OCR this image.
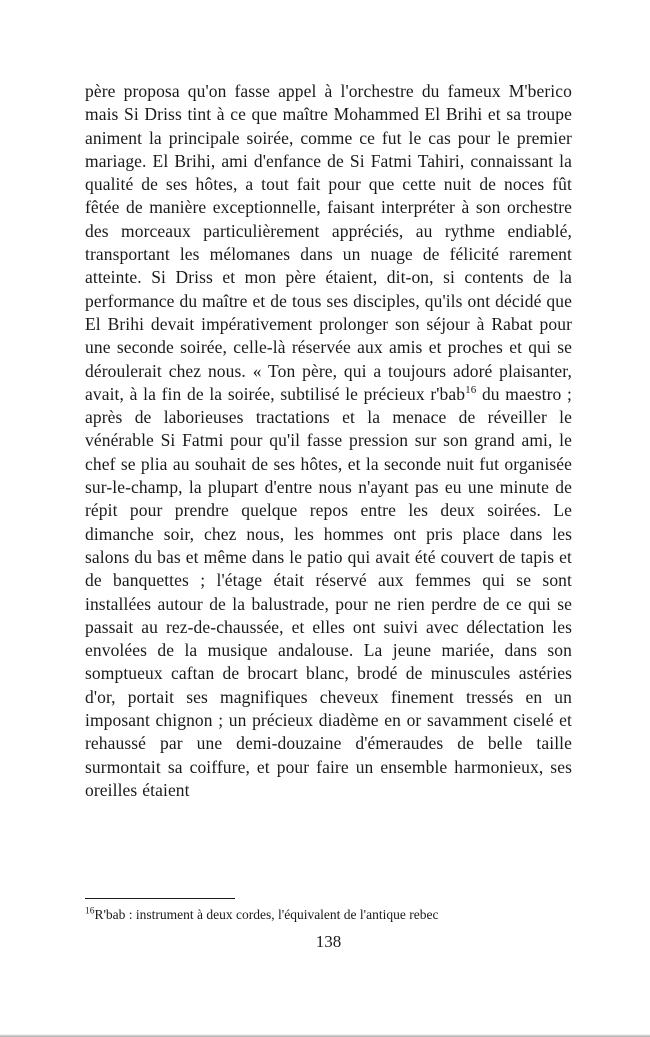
père proposa qu'on fasse appel à l'orchestre du fameux M'berico mais Si Driss tint à ce que maître Mohammed El Brihi et sa troupe animent la principale soirée, comme ce fut le cas pour le premier mariage. El Brihi, ami d'enfance de Si Fatmi Tahiri, connaissant la qualité de ses hôtes, a tout fait pour que cette nuit de noces fût fêtée de manière exceptionnelle, faisant interpréter à son orchestre des morceaux particulièrement appréciés, au rythme endiablé, transportant les mélomanes dans un nuage de félicité rarement atteinte. Si Driss et mon père étaient, dit-on, si contents de la performance du maître et de tous ses disciples, qu'ils ont décidé que El Brihi devait impérativement prolonger son séjour à Rabat pour une seconde soirée, celle-là réservée aux amis et proches et qui se déroulerait chez nous. « Ton père, qui a toujours adoré plaisanter, avait, à la fin de la soirée, subtilisé le précieux r'bab$^{16}$ du maestro ; après de laborieuses tractations et la menace de réveiller le vénérable Si Fatmi pour qu'il fasse pression sur son grand ami, le chef se plia au souhait de ses hôtes, et la seconde nuit fut organisée sur-le-champ, la plupart d'entre nous n'ayant pas eu une minute de répit pour prendre quelque repos entre les deux soirées. Le dimanche soir, chez nous, les hommes ont pris place dans les salons du bas et même dans le patio qui avait été couvert de tapis et de banquettes ; l'étage était réservé aux femmes qui se sont installées autour de la balustrade, pour ne rien perdre de ce qui se passait au rez-de-chaussée, et elles ont suivi avec délectation les envolées de la musique andalouse. La jeune mariée, dans son somptueux caftan de brocart blanc, brodé de minuscules astéries d'or, portait ses magnifiques cheveux finement tressés en un imposant chignon ; un précieux diadème en or savamment ciselé et rehaussé par une demi-douzaine d'émeraudes de belle taille surmontait sa coiffure, et pour faire un ensemble harmonieux, ses oreilles étaient

$^{16}$R'bab : instrument à deux cordes, l'équivalent de l'antique rebec
138
